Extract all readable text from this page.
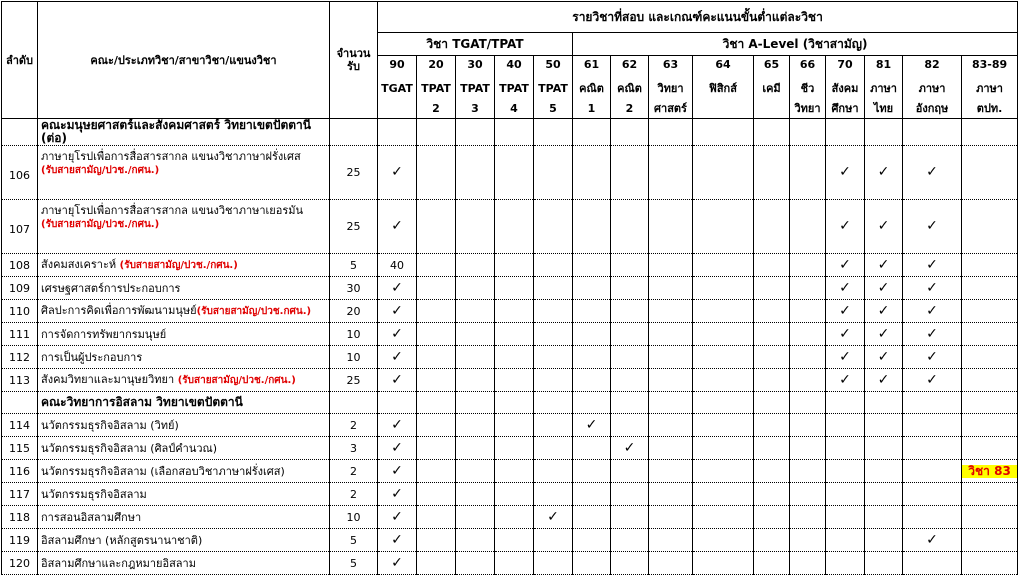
ลำดับ	คณะ/ประเภทวิชา/สาขาวิชา/แขนงวิชา	จำนวน
รับ	รายวิชาที่สอบ และเกณฑ์คะแนนขั้นต่ำแต่ละวิชา														
			วิชา TGAT/TPAT					วิชา A-Level (วิชาสามัญ)									
			90	20	30	40	50	61	62	63	64	65	66	70	81	82	83-89
			TGAT	TPAT	TPAT	TPAT	TPAT	คณิต	คณิต	วิทยา	ฟิสิกส์	เคมี	ชีว	สังคม	ภาษา	ภาษา	ภาษา
				2	3	4	5	1	2	ศาสตร์			วิทยา	ศึกษา	ไทย	อังกฤษ	ตปท.

	คณะมนุษยศาสตร์และสังคมศาสตร์ วิทยาเขตปัตตานี (ต่อ)																
106	ภาษายุโรปเพื่อการสื่อสารสากล แขนงวิชาภาษาฝรั่งเศส
(รับสายสามัญ/ปวช./กศน.)	25	✓											✓	✓	✓	
107	ภาษายุโรปเพื่อการสื่อสารสากล แขนงวิชาภาษาเยอรมัน
(รับสายสามัญ/ปวช./กศน.)	25	✓											✓	✓	✓	
108	สังคมสงเคราะห์ (รับสายสามัญ/ปวช./กศน.)	5	40											✓	✓	✓	
109	เศรษฐศาสตร์การประกอบการ	30	✓											✓	✓	✓	
110	ศิลปะการคิดเพื่อการพัฒนามนุษย์(รับสายสามัญ/ปวช.กศน.)	20	✓											✓	✓	✓	
111	การจัดการทรัพยากรมนุษย์	10	✓											✓	✓	✓	
112	การเป็นผู้ประกอบการ	10	✓											✓	✓	✓	
113	สังคมวิทยาและมานุษยวิทยา (รับสายสามัญ/ปวช./กศน.)	25	✓											✓	✓	✓	
	คณะวิทยาการอิสลาม วิทยาเขตปัตตานี																
114	นวัตกรรมธุรกิจอิสลาม (วิทย์)	2	✓					✓									
115	นวัตกรรมธุรกิจอิสลาม (ศิลป์คำนวณ)	3	✓						✓								
116	นวัตกรรมธุรกิจอิสลาม (เลือกสอบวิชาภาษาฝรั่งเศส)	2	✓														วิชา 83
117	นวัตกรรมธุรกิจอิสลาม	2	✓														
118	การสอนอิสลามศึกษา	10	✓				✓										
119	อิสลามศึกษา (หลักสูตรนานาชาติ)	5	✓													✓	
120	อิสลามศึกษาและกฎหมายอิสลาม	5	✓														
